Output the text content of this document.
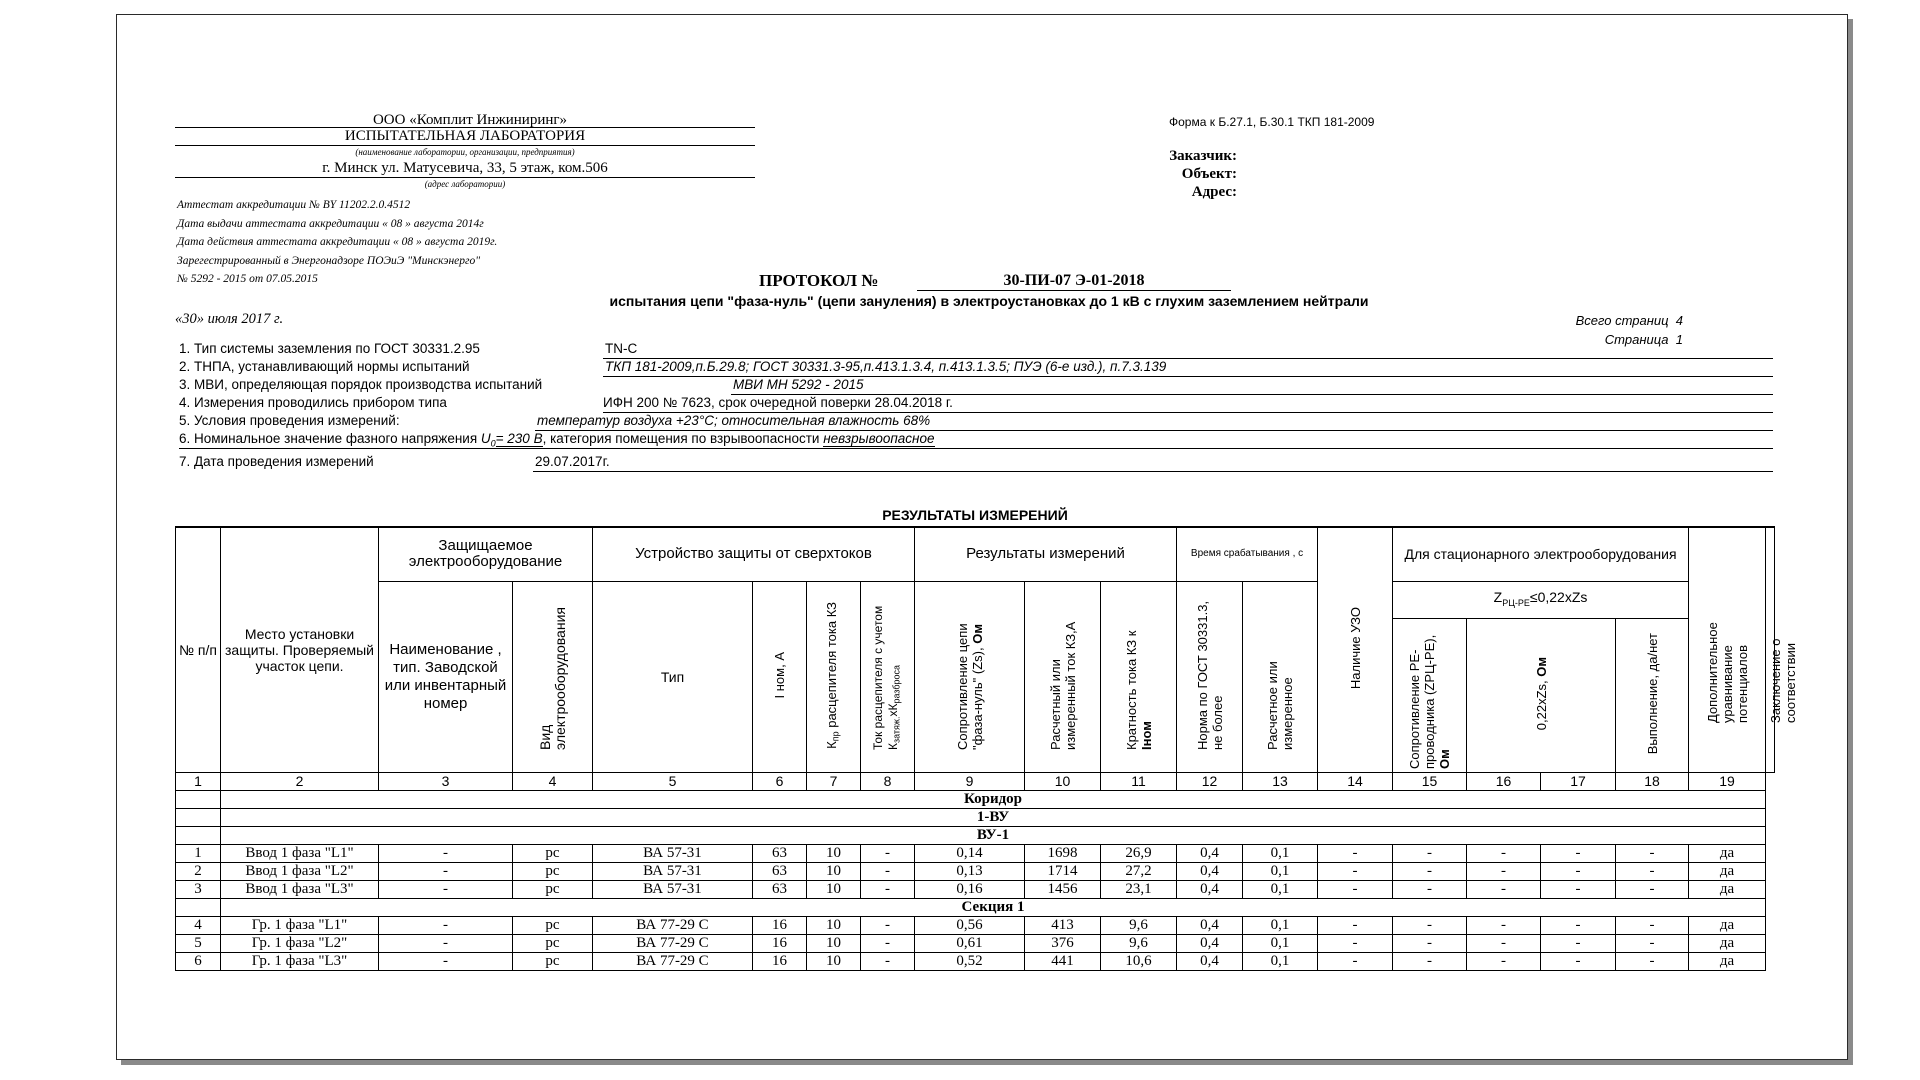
ООО «Комплит Инжиниринг»
ИСПЫТАТЕЛЬНАЯ ЛАБОРАТОРИЯ
(наименование лаборатории, организации, предприятия)
г. Минск ул. Матусевича, 33, 5 этаж, ком.506
(адрес лаборатории)
Аттестат аккредитации № BY 11202.2.0.4512
Дата выдачи аттестата аккредитации « 08 » августа 2014г
Дата действия аттестата аккредитации « 08 » августа 2019г.
Зарегестрированный в Энергонадзоре ПОЭиЭ "Минскэнерго"
№ 5292 - 2015 от 07.05.2015
Форма к Б.27.1, Б.30.1 ТКП 181-2009
Заказчик:
Объект:
Адрес:
ПРОТОКОЛ №	30-ПИ-07 Э-01-2018
испытания цепи "фаза-нуль" (цепи зануления) в электроустановках до 1 кВ с глухим заземлением нейтрали
«30» июля 2017 г.	Всего страниц 4
Страница 1
1. Тип системы заземления по ГОСТ 30331.2.95	TN-C
2. ТНПА, устанавливающий нормы испытаний	ТКП 181-2009,п.Б.29.8; ГОСТ 30331.3-95,п.413.1.3.4, п.413.1.3.5; ПУЭ (6-е изд.), п.7.3.139
3. МВИ, определяющая порядок производства испытаний	МВИ МН 5292 - 2015
4. Измерения проводились прибором типа	ИФН 200 № 7623, срок очередной поверки 28.04.2018 г.
5. Условия проведения измерений:	температур воздуха +23°С; относительная влажность 68%
6. Номинальное значение фазного напряжения $U_0= 230$ В, категория помещения по взрывоопасности невзрывоопасное
7. Дата проведения измерений	29.07.2017г.
РЕЗУЛЬТАТЫ ИЗМЕРЕНИЙ
№ п/п	Место установки защиты. Проверяемый участок цепи.	Защищаемое электрооборудование		Устройство защиты от сверхтоков				Результаты измерений			Время срабатывания , с		Наличие УЗО	Для стационарного электрооборудования				Дополнительное уравнивание потенциалов	Заключение о соответствии
		Наименование , тип. Заводской или инвентарный номер	Вид электрооборудования	Тип	I ном, А	$К_{пр}$ расцепителя тока КЗ	Ток расцепителя с учетом $К_{затяж.}хК_{разброса}$	Сопротивление цепи "фаза-нуль" (Zs), Ом	Расчетный или измеренный ток КЗ,А	Кратность тока КЗ к Iном	Норма по ГОСТ 30331.3, не более	Расчетное или измеренное		$Z_{РЦ-РЕ}\le 0,22xZs$					
														Сопротивление PE- проводника (ZРЦ-РЕ), Ом	0,22xZs, Ом		Выполнение, да/нет		
1	2	3	4	5	6	7	8	9	10	11	12	13	14	15	16	17	18	19	
	Коридор																		
	1-ВУ																		
	ВУ-1																		
1	Ввод 1 фаза "L1"	-	рс	ВА 57-31	63	10	-	0,14	1698	26,9	0,4	0,1	-	-	-	-	-	да	
2	Ввод 1 фаза "L2"	-	рс	ВА 57-31	63	10	-	0,13	1714	27,2	0,4	0,1	-	-	-	-	-	да	
3	Ввод 1 фаза "L3"	-	рс	ВА 57-31	63	10	-	0,16	1456	23,1	0,4	0,1	-	-	-	-	-	да	
	Секция 1																		
4	Гр. 1 фаза "L1"	-	рс	ВА 77-29 С	16	10	-	0,56	413	9,6	0,4	0,1	-	-	-	-	-	да	
5	Гр. 1 фаза "L2"	-	рс	ВА 77-29 С	16	10	-	0,61	376	9,6	0,4	0,1	-	-	-	-	-	да	
6	Гр. 1 фаза "L3"	-	рс	ВА 77-29 С	16	10	-	0,52	441	10,6	0,4	0,1	-	-	-	-	-	да	
